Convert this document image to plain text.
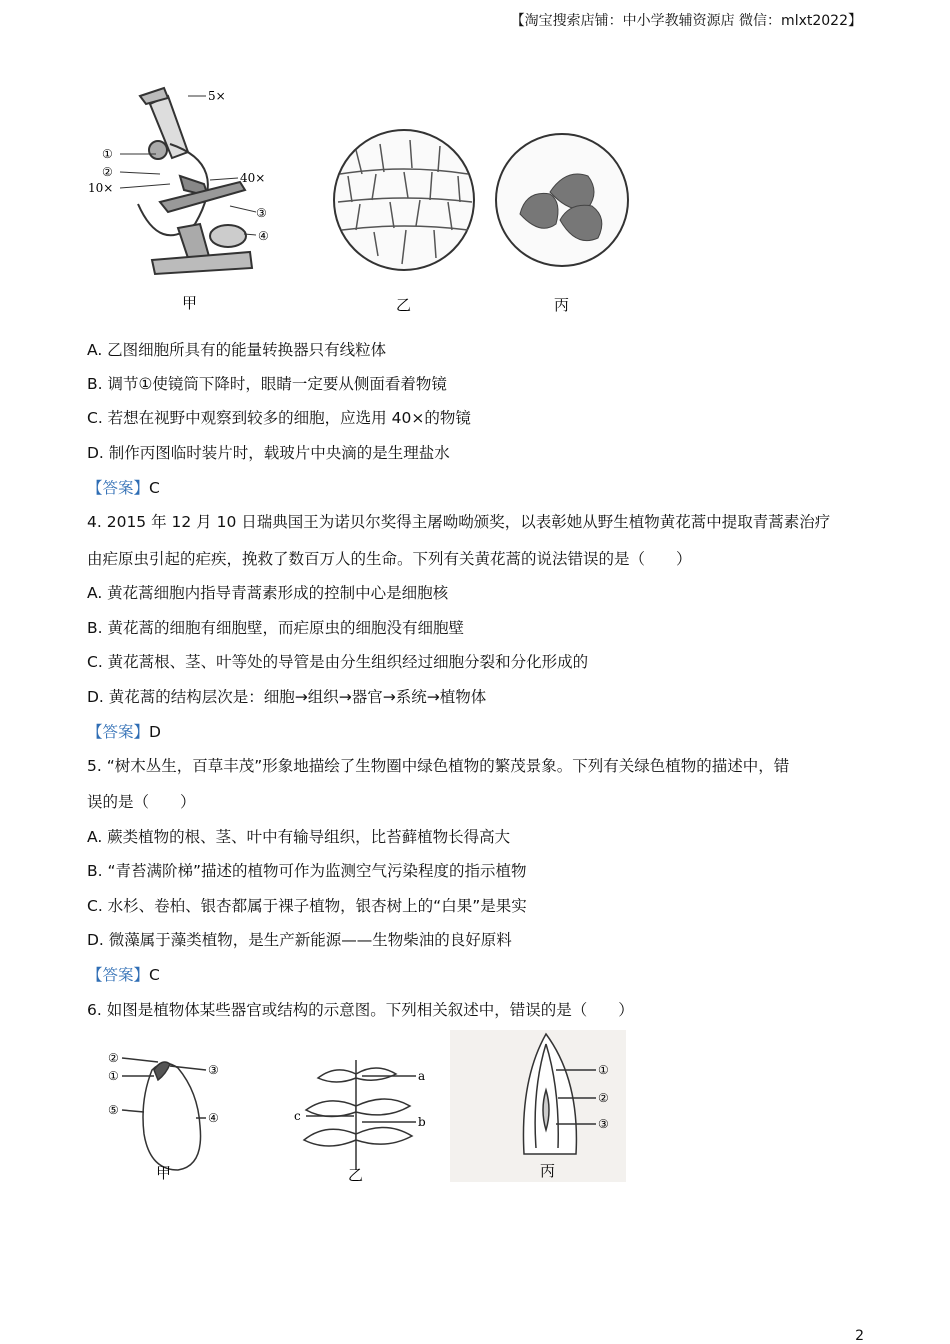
【淘宝搜索店铺：中小学教辅资源店 微信：mlxt2022】
5×
①
②
10×
40×
③
④
甲	乙	丙
A. 乙图细胞所具有的能量转换器只有线粒体
B. 调节①使镜筒下降时，眼睛一定要从侧面看着物镜
C. 若想在视野中观察到较多的细胞，应选用 40×的物镜
D. 制作丙图临时装片时，载玻片中央滴的是生理盐水
【答案】C
4. 2015 年 12 月 10 日瑞典国王为诺贝尔奖得主屠呦呦颁奖，以表彰她从野生植物黄花蒿中提取青蒿素治疗
由疟原虫引起的疟疾，挽救了数百万人的生命。下列有关黄花蒿的说法错误的是（　　）
A. 黄花蒿细胞内指导青蒿素形成的控制中心是细胞核
B. 黄花蒿的细胞有细胞壁，而疟原虫的细胞没有细胞壁
C. 黄花蒿根、茎、叶等处的导管是由分生组织经过细胞分裂和分化形成的
D. 黄花蒿的结构层次是：细胞→组织→器官→系统→植物体
【答案】D
5. “树木丛生，百草丰茂”形象地描绘了生物圈中绿色植物的繁茂景象。下列有关绿色植物的描述中，错
误的是（　　）
A. 蕨类植物的根、茎、叶中有输导组织，比苔藓植物长得高大
B. “青苔满阶梯”描述的植物可作为监测空气污染程度的指示植物
C. 水杉、卷柏、银杏都属于裸子植物，银杏树上的“白果”是果实
D. 微藻属于藻类植物，是生产新能源——生物柴油的良好原料
【答案】C
6. 如图是植物体某些器官或结构的示意图。下列相关叙述中，错误的是（　　）
②
①	③
⑤
④
甲
a
c	b
乙
①
②
③
丙
2
